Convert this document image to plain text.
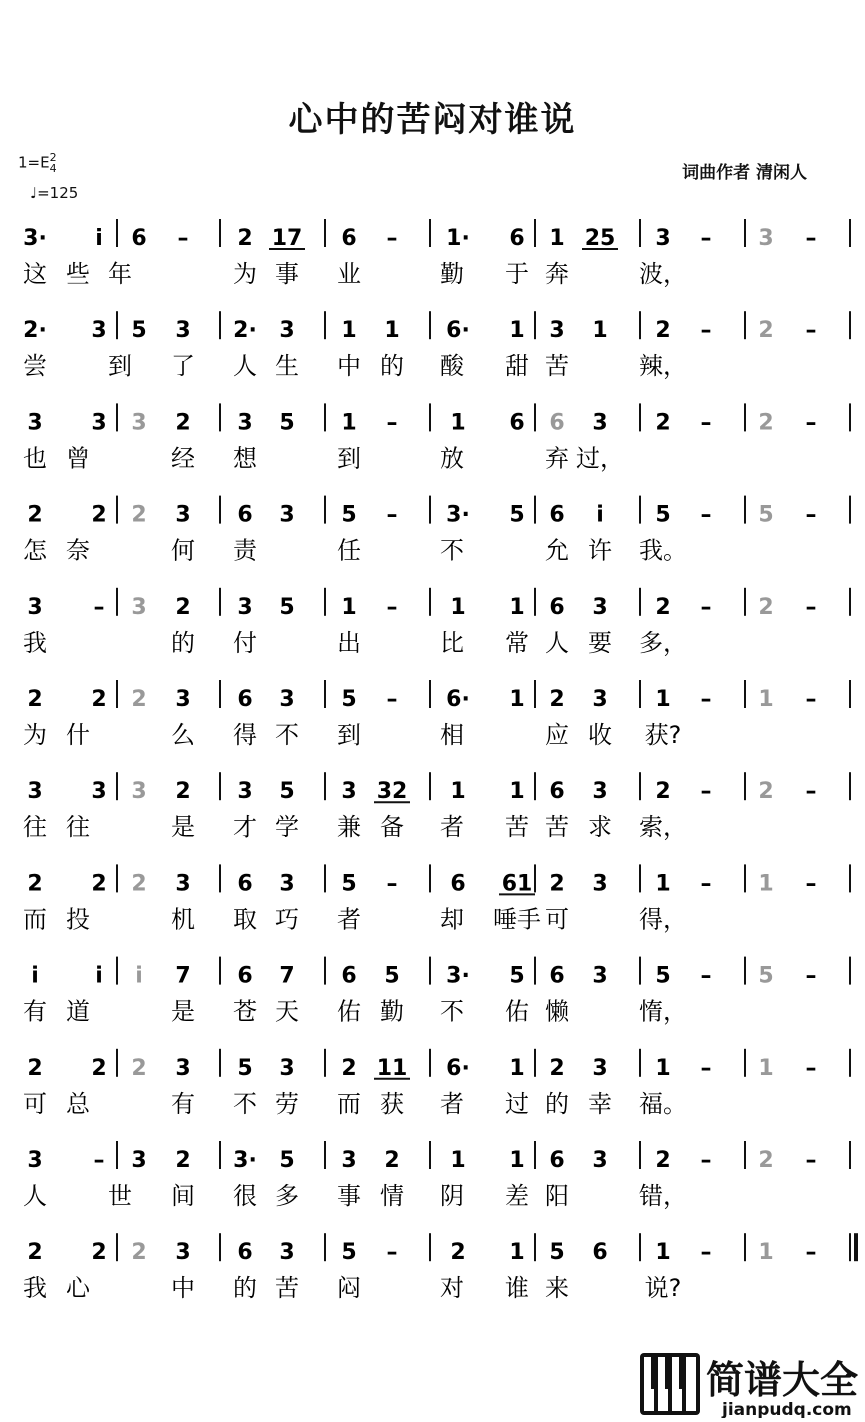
心中的苦闷对谁说
1=E2
4
♩=125
词曲作者 清闲人
3· i 6 – 2 17 6 – 1· 6 1 25 3 – 3 –
这 些 年	为 事 业	勤 于 奔	波，
2· 3 5 3 2· 3 1 1 6· 1 3 1 2 – 2 –
尝	到 了 人 生 中 的 酸 甜 苦	辣，
3 3 3 2 3 5 1 – 1 6 6 3 2 – 2 –
也 曾	经 想	到	放	弃 过，
2 2 2 3 6 3 5 – 3· 5 6 i 5 – 5 –
怎 奈	何 责	任	不	允 许 我。
3 – 3 2 3 5 1 – 1 1 6 3 2 – 2 –
我	的 付	出	比 常 人 要 多，
2 2 2 3 6 3 5 – 6· 1 2 3 1 – 1 –
为 什	么 得 不 到	相	应 收 获?
3 3 3 2 3 5 3 32 1 1 6 3 2 – 2 –
往 往	是 才 学 兼 备 者 苦 苦 求 索，
2 2 2 3 6 3 5 – 6 61 2 3 1 – 1 –
而 投	机 取 巧 者	却 唾手 可	得，
i	i i 7 6 7 6 5 3· 5 6 3 5 – 5 –
有 道	是 苍 天 佑 勤 不 佑 懒	惰，
2 2 2 3 5 3 2 11 6· 1 2 3 1 – 1 –
可 总	有 不 劳 而 获 者 过 的 幸 福。
3 – 3 2 3· 5 3 2 1 1 6 3 2 – 2 –
人	世 间 很 多 事 情 阴 差 阳	错，
2 2 2 3 6 3 5 – 2 1 5 6 1 – 1 –
我 心	中 的 苦 闷	对 谁 来	说?
简谱大全
jianpudq.com
